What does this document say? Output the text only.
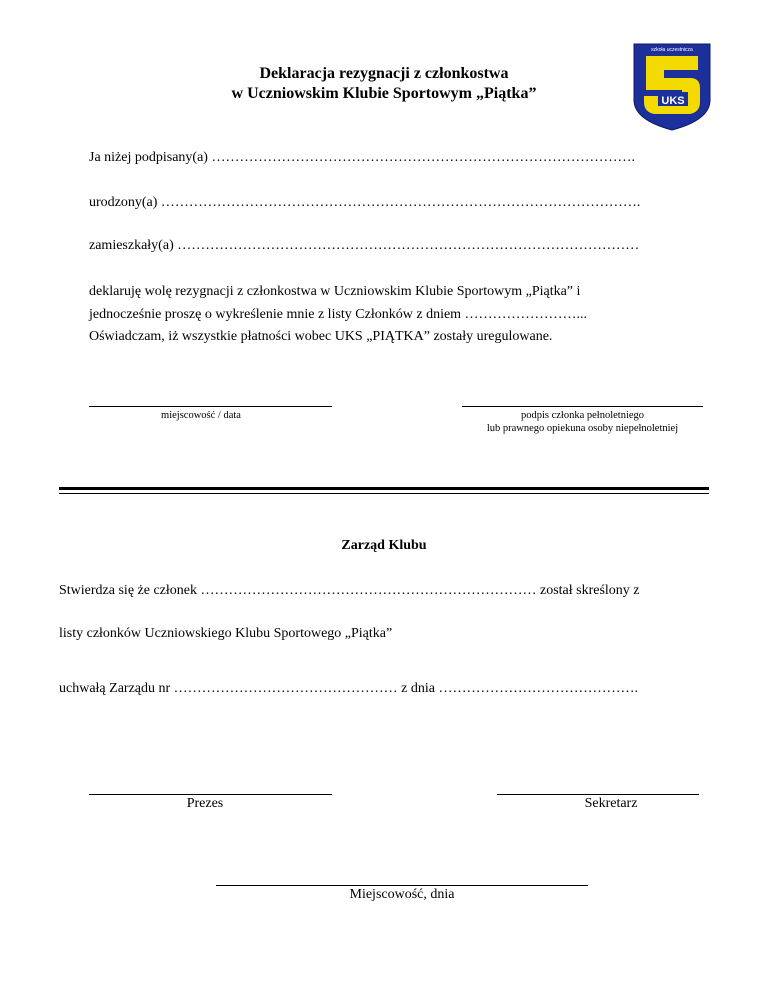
szkoła uczestnicza
UKS
Deklaracja rezygnacji z członkostwa
w Uczniowskim Klubie Sportowym „Piątka”
Ja niżej podpisany(a) ……………………………………………………………………………….
urodzony(a) ………………………………………………………………………………………….
zamieszkały(a) ………………………………………………………………………………………
deklaruję wolę rezygnacji z członkostwa w Uczniowskim Klubie Sportowym „Piątka” i
jednocześnie proszę o wykreślenie mnie z listy Członków z dniem ……………………...
Oświadczam, iż wszystkie płatności wobec UKS „PIĄTKA” zostały uregulowane.
miejscowość / data	podpis członka pełnoletniego
lub prawnego opiekuna osoby niepełnoletniej
Zarząd Klubu
Stwierdza się że członek ……………………………………………………………… został skreślony z
listy członków Uczniowskiego Klubu Sportowego „Piątka”
uchwałą Zarządu nr ………………………………………… z dnia …………………………………….
Prezes	Sekretarz
Miejscowość, dnia
